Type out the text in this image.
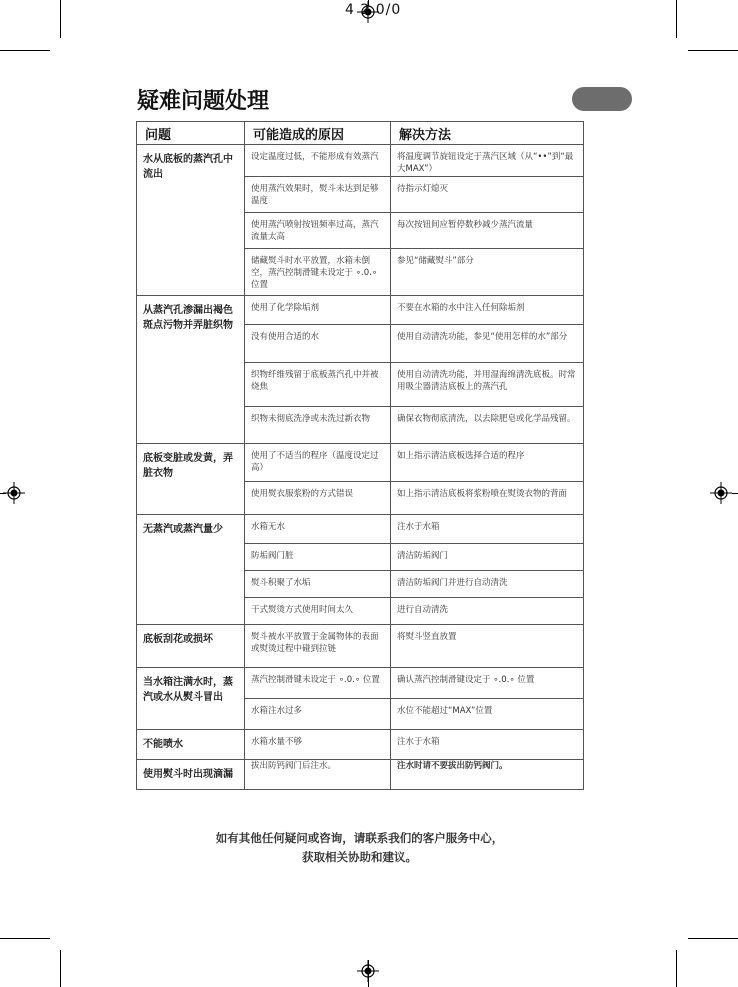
4 2 0/0
疑难问题处理
问题	可能造成的原因	解决方法
水从底板的蒸汽孔中流出	设定温度过低，不能形成有效蒸汽	将温度调节旋钮设定于蒸汽区域（从“••”到“最大MAX”）
	使用蒸汽效果时，熨斗未达到足够温度	待指示灯熄灭
	使用蒸汽喷射按钮频率过高，蒸汽流量太高	每次按钮间应暂停数秒减少蒸汽流量
	储藏熨斗时水平放置，水箱未倒空，蒸汽控制滑键未设定于 ∘.0.∘ 位置	参见“储藏熨斗”部分
从蒸汽孔渗漏出褐色斑点污物并弄脏织物	使用了化学除垢剂	不要在水箱的水中注入任何除垢剂
	没有使用合适的水	使用自动清洗功能，参见“使用怎样的水”部分
	织物纤维残留于底板蒸汽孔中并被烧焦	使用自动清洗功能，并用湿海绵清洗底板。时常用吸尘器清洁底板上的蒸汽孔
	织物未彻底洗净或未洗过新衣物	确保衣物彻底清洗，以去除肥皂或化学品残留。
底板变脏或发黄，弄脏衣物	使用了不适当的程序（温度设定过高）	如上指示清洁底板选择合适的程序
	使用熨衣服浆粉的方式错误	如上指示清洁底板将浆粉喷在熨烫衣物的背面
无蒸汽或蒸汽量少	水箱无水	注水于水箱
	防垢阀门脏	清洁防垢阀门
	熨斗积聚了水垢	清洁防垢阀门并进行自动清洗
	干式熨烫方式使用时间太久	进行自动清洗
底板刮花或损坏	熨斗被水平放置于金属物体的表面或熨烫过程中碰到拉链	将熨斗竖直放置
当水箱注满水时，蒸汽或水从熨斗冒出	蒸汽控制滑键未设定于 ∘.0.∘ 位置	确认蒸汽控制滑键设定于 ∘.0.∘ 位置
	水箱注水过多	水位不能超过“MAX”位置
不能喷水	水箱水量不够	注水于水箱
使用熨斗时出现滴漏	拔出防钙阀门后注水。	注水时请不要拔出防钙阀门。
如有其他任何疑问或咨询，请联系我们的客户服务中心，
获取相关协助和建议。
